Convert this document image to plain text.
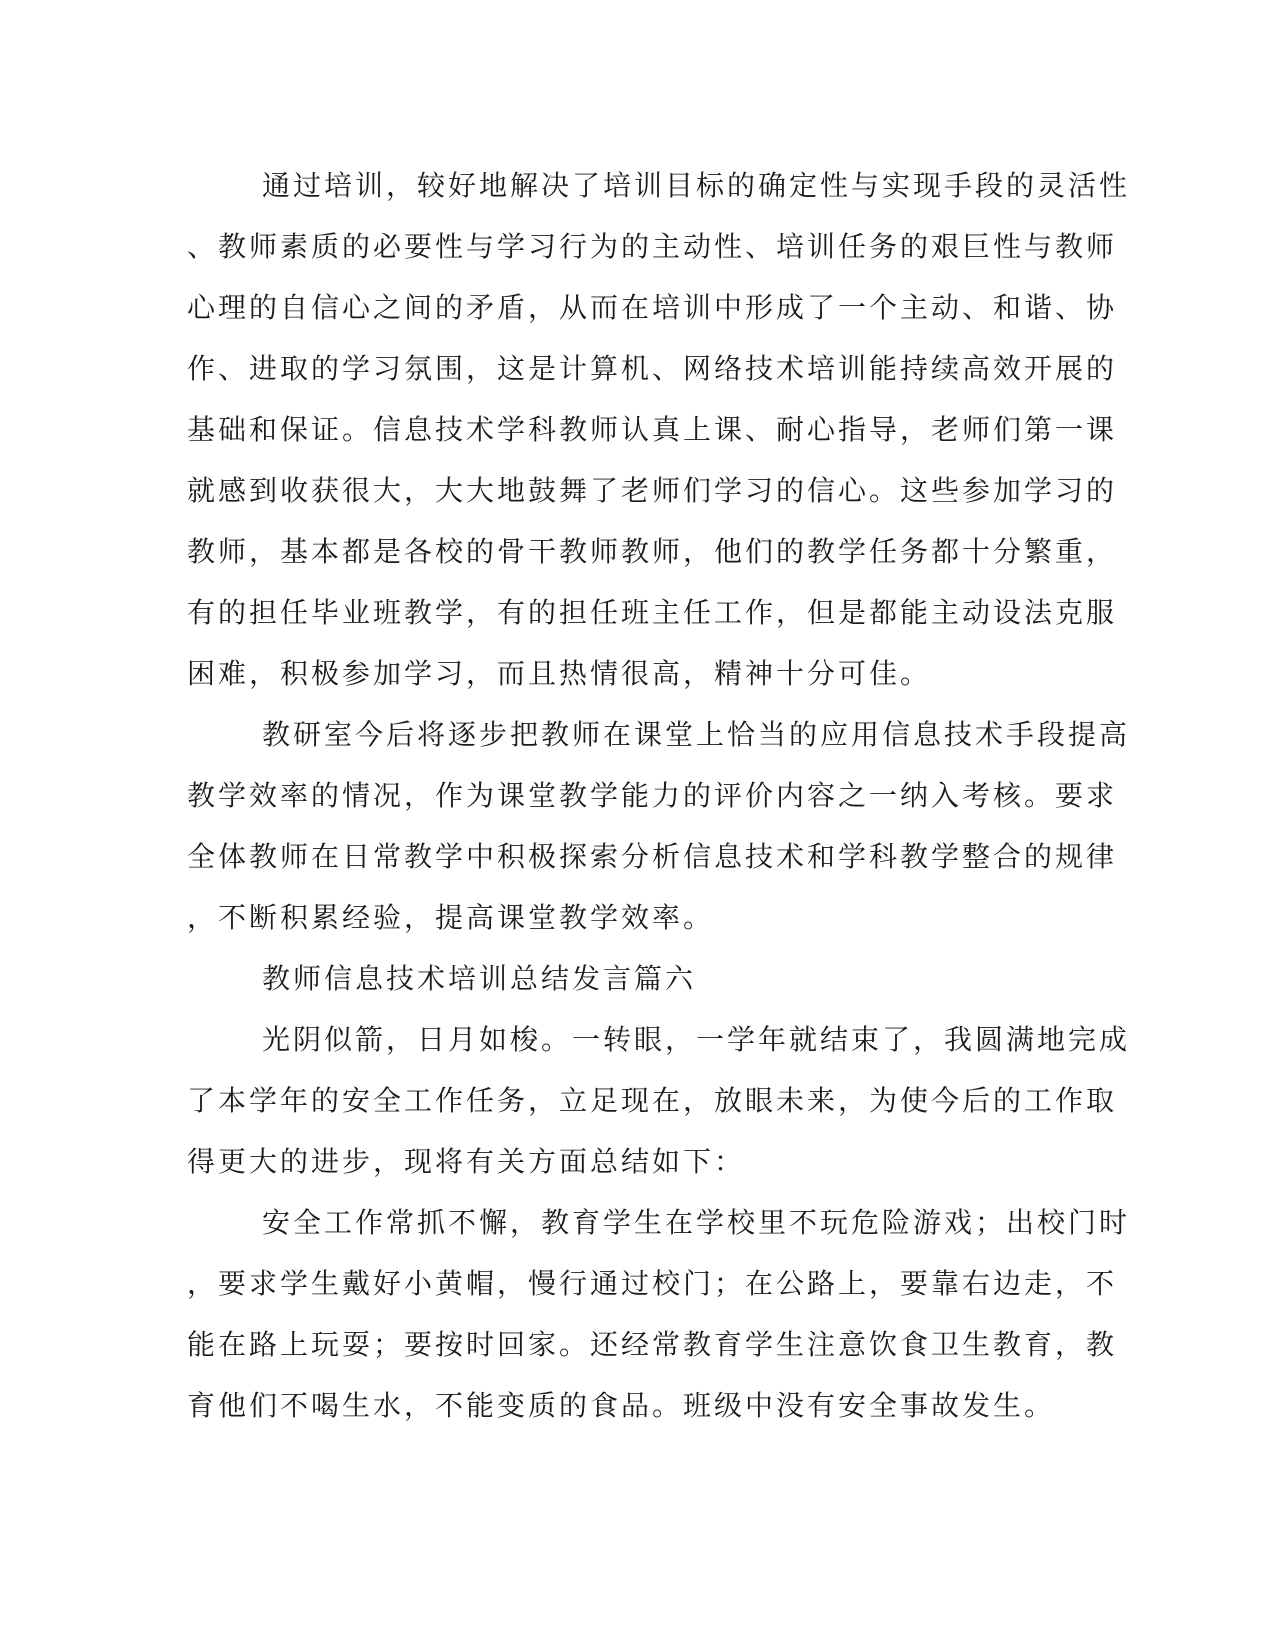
通过培训，较好地解决了培训目标的确定性与实现手段的灵活性
、教师素质的必要性与学习行为的主动性、培训任务的艰巨性与教师
心理的自信心之间的矛盾，从而在培训中形成了一个主动、和谐、协
作、进取的学习氛围，这是计算机、网络技术培训能持续高效开展的
基础和保证。信息技术学科教师认真上课、耐心指导，老师们第一课
就感到收获很大，大大地鼓舞了老师们学习的信心。这些参加学习的
教师，基本都是各校的骨干教师教师，他们的教学任务都十分繁重，
有的担任毕业班教学，有的担任班主任工作，但是都能主动设法克服
困难，积极参加学习，而且热情很高，精神十分可佳。
教研室今后将逐步把教师在课堂上恰当的应用信息技术手段提高
教学效率的情况，作为课堂教学能力的评价内容之一纳入考核。要求
全体教师在日常教学中积极探索分析信息技术和学科教学整合的规律
，不断积累经验，提高课堂教学效率。
教师信息技术培训总结发言篇六
光阴似箭，日月如梭。一转眼，一学年就结束了，我圆满地完成
了本学年的安全工作任务，立足现在，放眼未来，为使今后的工作取
得更大的进步，现将有关方面总结如下：
安全工作常抓不懈，教育学生在学校里不玩危险游戏；出校门时
，要求学生戴好小黄帽，慢行通过校门；在公路上，要靠右边走，不
能在路上玩耍；要按时回家。还经常教育学生注意饮食卫生教育，教
育他们不喝生水，不能变质的食品。班级中没有安全事故发生。
